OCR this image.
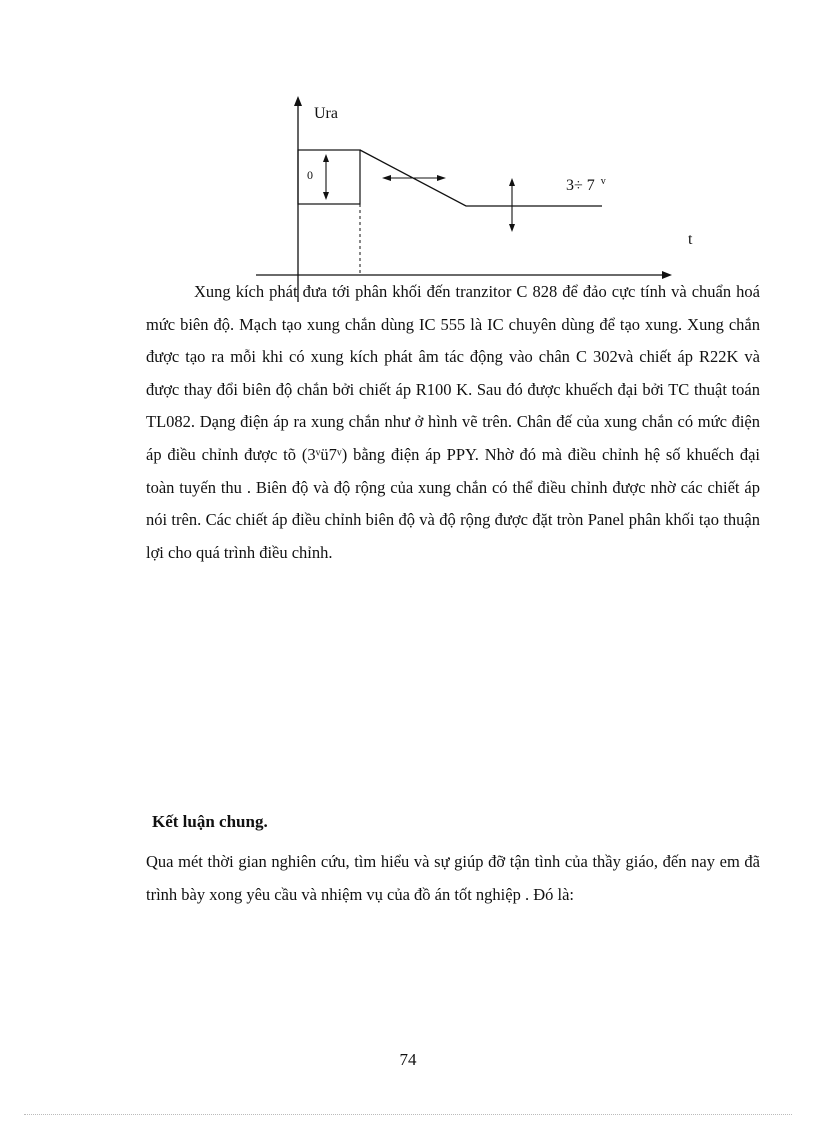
0
Ura
t
3÷ 7 $^v$

Xung kích phát đưa tới phân khối đến tranzitor C 828 để đảo cực tính và chuẩn hoá mức biên độ. Mạch tạo xung chắn dùng IC 555 là IC chuyên dùng để tạo xung. Xung chắn được tạo ra mỗi khi có xung kích phát âm tác động vào chân C 302và chiết áp R22K và được thay đổi biên độ chắn bởi chiết áp R100 K. Sau đó được khuếch đại bởi TC thuật toán TL082. Dạng điện áp ra xung chắn như ở hình vẽ trên. Chân đế của xung chắn có mức điện áp điều chỉnh được tõ (3ᵛü7ᵛ) bằng điện áp PPY. Nhờ đó mà điều chỉnh hệ số khuếch đại toàn tuyến thu . Biên độ và độ rộng của xung chắn có thể điều chỉnh được nhờ các chiết áp nói trên. Các chiết áp điều chỉnh biên độ và độ rộng được đặt tròn Panel phân khối tạo thuận lợi cho quá trình điều chỉnh.

Kết luận chung.

Qua mét thời gian nghiên cứu, tìm hiểu và sự giúp đỡ tận tình của thầy giáo, đến nay em đã trình bày xong yêu cầu và nhiệm vụ của đồ án tốt nghiệp . Đó là:

74
